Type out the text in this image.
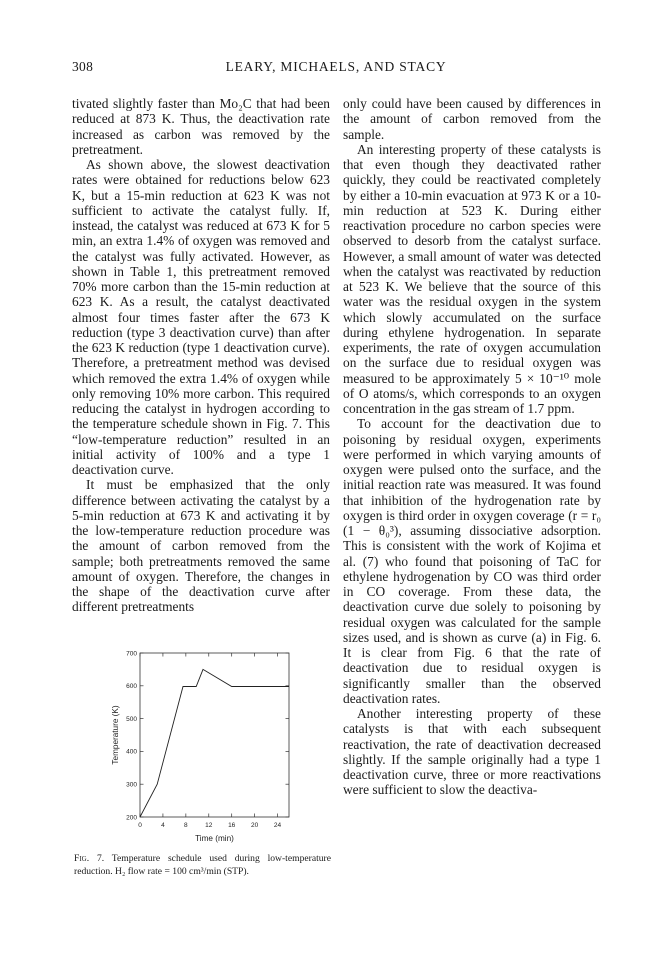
308	LEARY, MICHAELS, AND STACY

tivated slightly faster than Mo₂C that had been reduced at 873 K. Thus, the deactivation rate increased as carbon was removed by the pretreatment.

As shown above, the slowest deactivation rates were obtained for reductions below 623 K, but a 15-min reduction at 623 K was not sufficient to activate the catalyst fully. If, instead, the catalyst was reduced at 673 K for 5 min, an extra 1.4% of oxygen was removed and the catalyst was fully activated. However, as shown in Table 1, this pretreatment removed 70% more carbon than the 15-min reduction at 623 K. As a result, the catalyst deactivated almost four times faster after the 673 K reduction (type 3 deactivation curve) than after the 623 K reduction (type 1 deactivation curve). Therefore, a pretreatment method was devised which removed the extra 1.4% of oxygen while only removing 10% more carbon. This required reducing the catalyst in hydrogen according to the temperature schedule shown in Fig. 7. This “low-temperature reduction” resulted in an initial activity of 100% and a type 1 deactivation curve.

It must be emphasized that the only difference between activating the catalyst by a 5-min reduction at 673 K and activating it by the low-temperature reduction procedure was the amount of carbon removed from the sample; both pretreatments removed the same amount of oxygen. Therefore, the changes in the shape of the deactivation curve after different pretreatments

only could have been caused by differences in the amount of carbon removed from the sample.

An interesting property of these catalysts is that even though they deactivated rather quickly, they could be reactivated completely by either a 10-min evacuation at 973 K or a 10-min reduction at 523 K. During either reactivation procedure no carbon species were observed to desorb from the catalyst surface. However, a small amount of water was detected when the catalyst was reactivated by reduction at 523 K. We believe that the source of this water was the residual oxygen in the system which slowly accumulated on the surface during ethylene hydrogenation. In separate experiments, the rate of oxygen accumulation on the surface due to residual oxygen was measured to be approximately 5 × 10⁻¹⁰ mole of O atoms/s, which corresponds to an oxygen concentration in the gas stream of 1.7 ppm.

To account for the deactivation due to poisoning by residual oxygen, experiments were performed in which varying amounts of oxygen were pulsed onto the surface, and the initial reaction rate was measured. It was found that inhibition of the hydrogenation rate by oxygen is third order in oxygen coverage (r = r₀ (1 − θ₀³), assuming dissociative adsorption. This is consistent with the work of Kojima et al. (7) who found that poisoning of TaC for ethylene hydrogenation by CO was third order in CO coverage. From these data, the deactivation curve due solely to poisoning by residual oxygen was calculated for the sample sizes used, and is shown as curve (a) in Fig. 6. It is clear from Fig. 6 that the rate of deactivation due to residual oxygen is significantly smaller than the observed deactivation rates.

Another interesting property of these catalysts is that with each subsequent reactivation, the rate of deactivation decreased slightly. If the sample originally had a type 1 deactivation curve, three or more reactivations were sufficient to slow the deactiva-

0	4	8	12 16 20 24
200
300
400
500
600
700
Time (min)
Temperature (K)
Fig. 7. Temperature schedule used during low-temperature reduction. H₂ flow rate = 100 cm³/min (STP).
